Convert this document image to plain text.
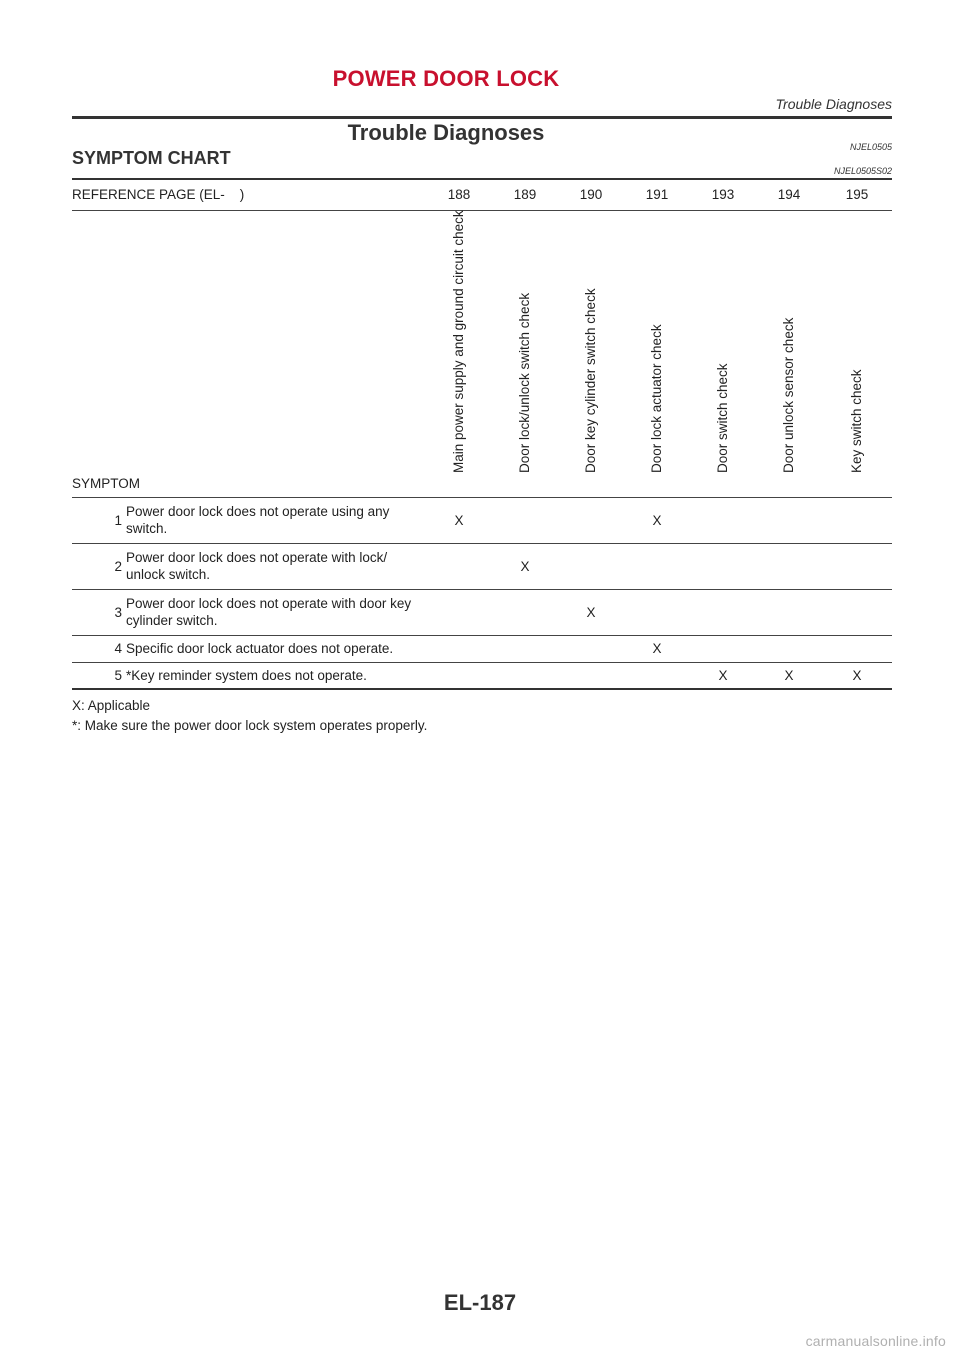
POWER DOOR LOCK
Trouble Diagnoses
Trouble Diagnoses
NJEL0505
SYMPTOM CHART
NJEL0505S02
REFERENCE PAGE (EL-    )		188	189	190	191	193	194	195
SYMPTOM		Main power supply and ground circuit check	Door lock/unlock switch check	Door key cylinder switch check	Door lock actuator check	Door switch check	Door unlock sensor check	Key switch check

1	Power door lock does not operate using any switch.	X			X			
2	Power door lock does not operate with lock/ unlock switch.		X					
3	Power door lock does not operate with door key cylinder switch.			X				
4	Specific door lock actuator does not operate.				X			
5	*Key reminder system does not operate.					X	X	X
X: Applicable
*: Make sure the power door lock system operates properly.
EL-187
carmanualsonline.info
